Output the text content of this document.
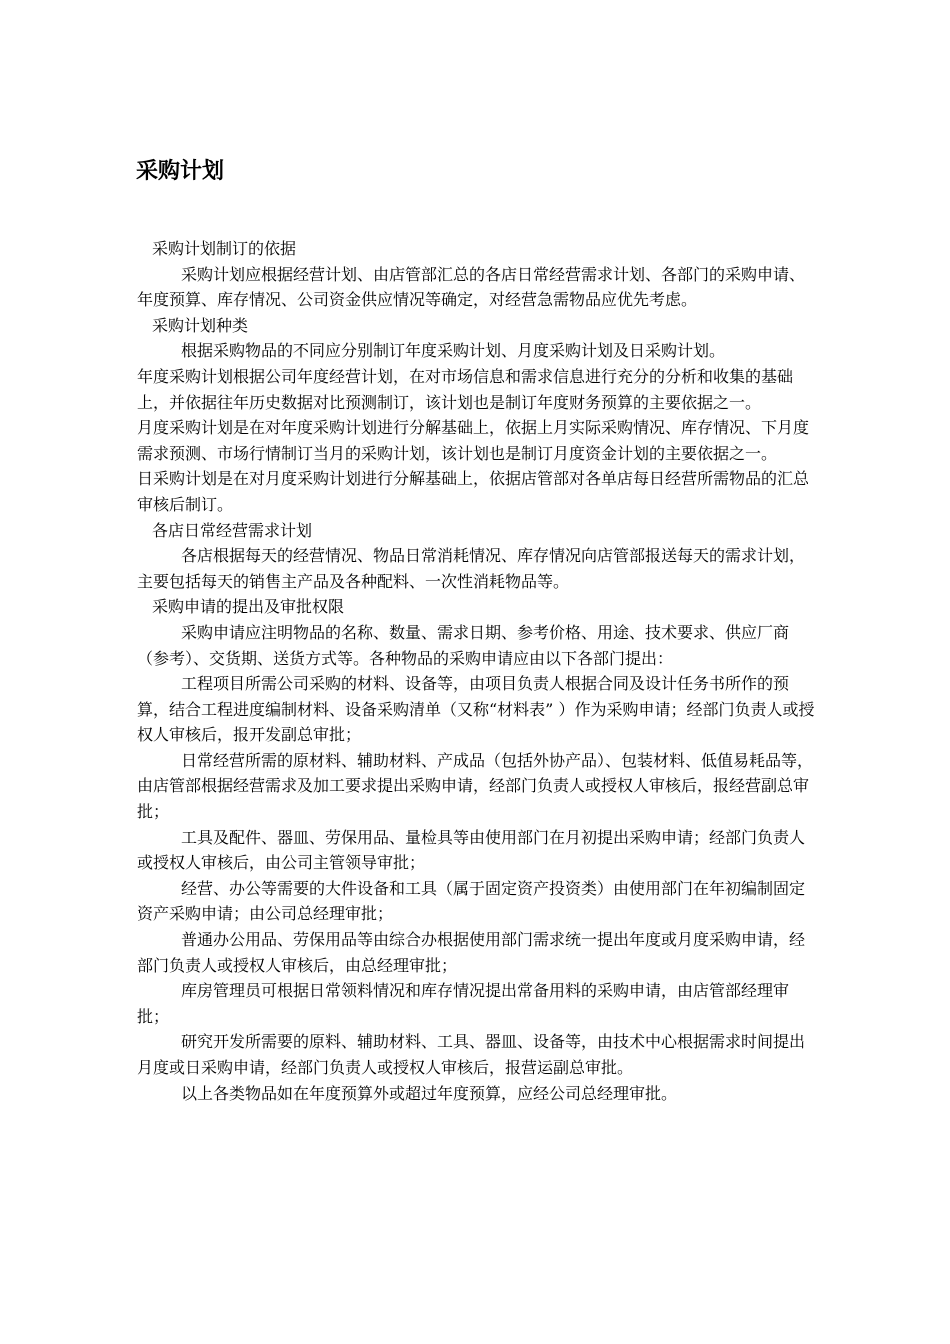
采购计划

采购计划制订的依据

采购计划应根据经营计划、由店管部汇总的各店日常经营需求计划、各部门的采购申请、年度预算、库存情况、公司资金供应情况等确定，对经营急需物品应优先考虑。

采购计划种类

根据采购物品的不同应分别制订年度采购计划、月度采购计划及日采购计划。

年度采购计划根据公司年度经营计划，在对市场信息和需求信息进行充分的分析和收集的基础上，并依据往年历史数据对比预测制订，该计划也是制订年度财务预算的主要依据之一。

月度采购计划是在对年度采购计划进行分解基础上，依据上月实际采购情况、库存情况、下月度需求预测、市场行情制订当月的采购计划，该计划也是制订月度资金计划的主要依据之一。

日采购计划是在对月度采购计划进行分解基础上，依据店管部对各单店每日经营所需物品的汇总审核后制订。

各店日常经营需求计划

各店根据每天的经营情况、物品日常消耗情况、库存情况向店管部报送每天的需求计划，主要包括每天的销售主产品及各种配料、一次性消耗物品等。

采购申请的提出及审批权限

采购申请应注明物品的名称、数量、需求日期、参考价格、用途、技术要求、供应厂商（参考）、交货期、送货方式等。各种物品的采购申请应由以下各部门提出：

工程项目所需公司采购的材料、设备等，由项目负责人根据合同及设计任务书所作的预算，结合工程进度编制材料、设备采购清单（又称“材料表” ）作为采购申请；经部门负责人或授权人审核后，报开发副总审批；

日常经营所需的原材料、辅助材料、产成品（包括外协产品）、包装材料、低值易耗品等，由店管部根据经营需求及加工要求提出采购申请，经部门负责人或授权人审核后，报经营副总审批；

工具及配件、器皿、劳保用品、量检具等由使用部门在月初提出采购申请；经部门负责人或授权人审核后，由公司主管领导审批；

经营、办公等需要的大件设备和工具（属于固定资产投资类）由使用部门在年初编制固定资产采购申请；由公司总经理审批；

普通办公用品、劳保用品等由综合办根据使用部门需求统一提出年度或月度采购申请，经部门负责人或授权人审核后，由总经理审批；

库房管理员可根据日常领料情况和库存情况提出常备用料的采购申请，由店管部经理审批；

研究开发所需要的原料、辅助材料、工具、器皿、设备等，由技术中心根据需求时间提出月度或日采购申请，经部门负责人或授权人审核后，报营运副总审批。

以上各类物品如在年度预算外或超过年度预算，应经公司总经理审批。
